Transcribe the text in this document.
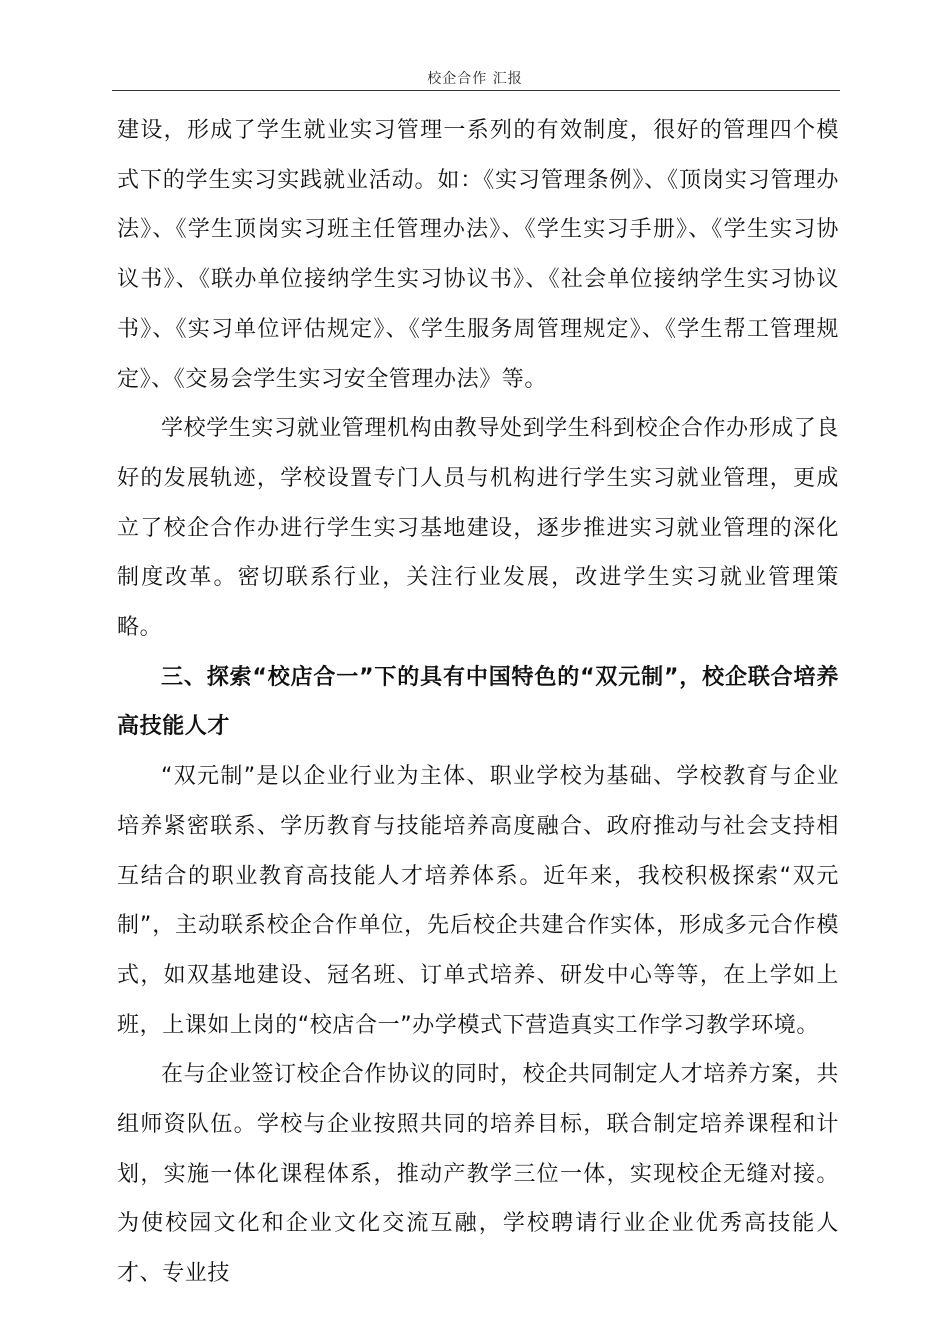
校企合作 汇报

建设，形成了学生就业实习管理一系列的有效制度，很好的管理四个模式下的学生实习实践就业活动。如：《实习管理条例》、《顶岗实习管理办法》、《学生顶岗实习班主任管理办法》、《学生实习手册》、《学生实习协议书》、《联办单位接纳学生实习协议书》、《社会单位接纳学生实习协议书》、《实习单位评估规定》、《学生服务周管理规定》、《学生帮工管理规定》、《交易会学生实习安全管理办法》等。

学校学生实习就业管理机构由教导处到学生科到校企合作办形成了良好的发展轨迹，学校设置专门人员与机构进行学生实习就业管理，更成立了校企合作办进行学生实习基地建设，逐步推进实习就业管理的深化制度改革。密切联系行业，关注行业发展，改进学生实习就业管理策略。

三、探索“校店合一”下的具有中国特色的“双元制”，校企联合培养高技能人才

“双元制”是以企业行业为主体、职业学校为基础、学校教育与企业培养紧密联系、学历教育与技能培养高度融合、政府推动与社会支持相互结合的职业教育高技能人才培养体系。近年来，我校积极探索“双元制”，主动联系校企合作单位，先后校企共建合作实体，形成多元合作模式，如双基地建设、冠名班、订单式培养、研发中心等等，在上学如上班，上课如上岗的“校店合一”办学模式下营造真实工作学习教学环境。

在与企业签订校企合作协议的同时，校企共同制定人才培养方案，共组师资队伍。学校与企业按照共同的培养目标，联合制定培养课程和计划，实施一体化课程体系，推动产教学三位一体，实现校企无缝对接。为使校园文化和企业文化交流互融，学校聘请行业企业优秀高技能人才、专业技
